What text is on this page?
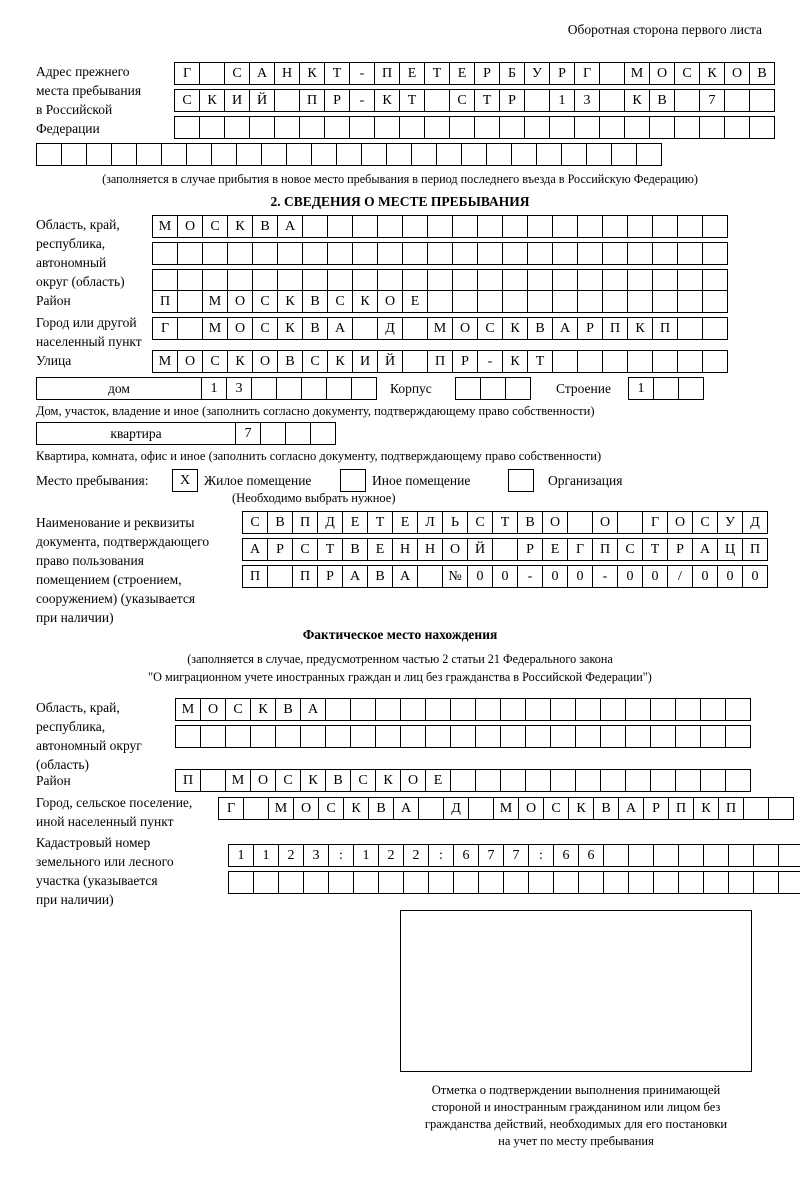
Оборотная сторона первого листа
Адрес прежнего
места пребывания
в Российской
Федерации
Г	С	А	Н	К	Т	-	П	Е	Т	Е	Р	Б	У	Р	Г	М О	С	К	О	В
С	К	И	Й	П	Р	-	К	Т	С	Т	Р	1	3	К	В	7
(заполняется в случае прибытия в новое место пребывания в период последнего въезда в Российскую Федерацию)
2. СВЕДЕНИЯ О МЕСТЕ ПРЕБЫВАНИЯ
Область, край,
республика,
автономный
округ (область)
М О	С	К	В	А
Район	П	М О	С	К	В	С	К	О	Е
Город или другой
населенный пункт
Г	М О	С	К	В	А	Д	М О	С	К	В	А	Р	П	К	П
Улица	М О	С	К	О	В	С	К	И	Й	П	Р	-	К	Т
дом	1	3	Корпус	Строение	1
Дом, участок, владение и иное (заполнить согласно документу, подтверждающему право собственности)
квартира	7
Квартира, комната, офис и иное (заполнить согласно документу, подтверждающему право собственности)
Место пребывания:	X	Жилое помещение	Иное помещение	Организация
(Необходимо выбрать нужное)
Наименование и реквизиты
документа, подтверждающего
право пользования
помещением (строением,
сооружением) (указывается
при наличии)
С	В	П	Д	Е	Т	Е	Л	Ь	С	Т	В	О	О	Г	О	С	У	Д
А	Р	С	Т	В	Е	Н	Н	О	Й	Р	Е	Г	П	С	Т	Р	А	Ц	П
П	П	Р	А	В	А	№	0	0	-	0	0	-	0	0	/	0	0	0
Фактическое место нахождения
(заполняется в случае, предусмотренном частью 2 статьи 21 Федерального закона
"О миграционном учете иностранных граждан и лиц без гражданства в Российской Федерации")
Область, край,
республика,
автономный округ
(область)
М О	С	К	В	А
Район	П	М О	С	К	В	С	К	О	Е
Город, сельское поселение,
иной населенный пункт
Г	М О	С	К	В	А	Д	М О	С	К	В	А	Р	П	К	П
Кадастровый номер
земельного или лесного
участка (указывается
при наличии)
1	1	2	3	:	1	2	2	:	6	7	7	:	6	6
Отметка о подтверждении выполнения принимающей
стороной и иностранным гражданином или лицом без
гражданства действий, необходимых для его постановки
на учет по месту пребывания
